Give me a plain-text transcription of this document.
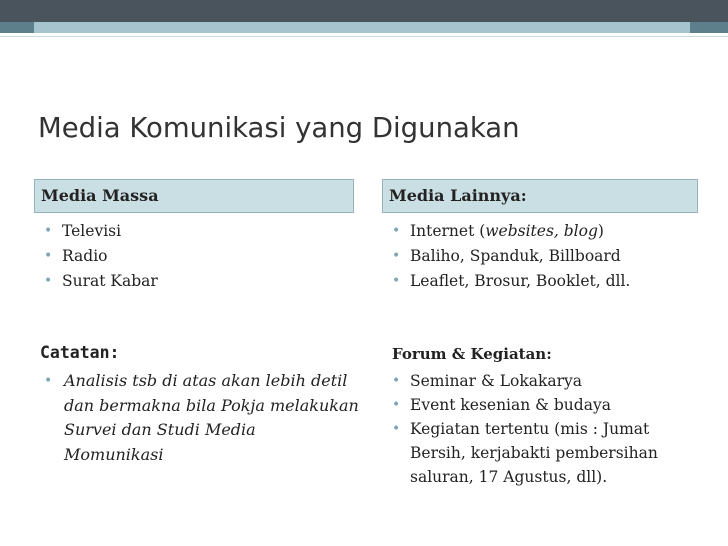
Media Komunikasi yang Digunakan
Media Massa	Media Lainnya:
• Televisi
• Radio
• Surat Kabar
• Internet (websites, blog)
• Baliho, Spanduk, Billboard
• Leaflet, Brosur, Booklet, dll.
Catatan:
• Analisis tsb di atas akan lebih detil dan bermakna bila Pokja melakukan Survei dan Studi Media Momunikasi
Forum & Kegiatan:
• Seminar & Lokakarya
• Event kesenian & budaya
• Kegiatan tertentu (mis : Jumat Bersih, kerjabakti pembersihan saluran, 17 Agustus, dll).
